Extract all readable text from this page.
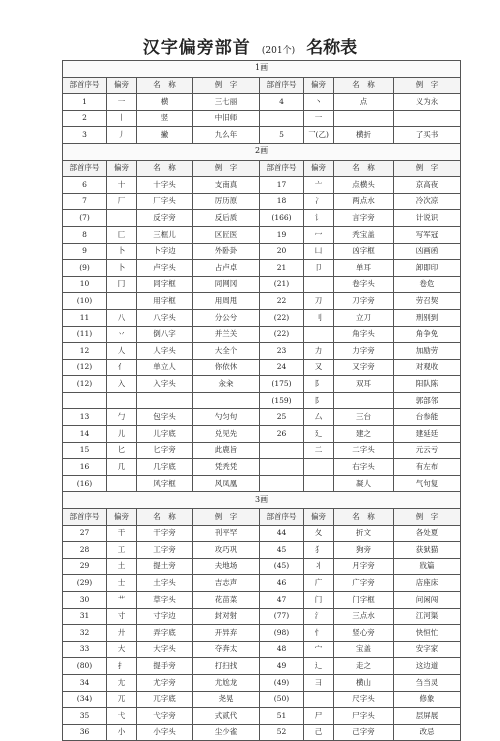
汉字偏旁部首 (201个) 名称表
1画							
部首序号	偏旁	名　称	例　字	部首序号	偏旁	名　称	例　字
1	一	横	三七丽	4	丶	点	义为永
2	丨	竖	中旧师		一		
3	丿	撇	九么年	5	乛(乙)	横折	了买书
2画							
部首序号	偏旁	名　称	例　字	部首序号	偏旁	名　称	例　字
6	十	十字头	支南真	17	亠	点横头	京高夜
7	厂	厂字头	厉历原	18	冫	两点水	冷次凉
(7)		反字旁	反后质	(166)	讠	言字旁	计说识
8	匚	三框儿	区匠医	19	冖	秃宝盖	写军冠
9	卜	卜字边	外卧卦	20	凵	凶字框	凶画函
(9)	卜	卢字头	占卢卓	21	卩	单耳	卸即印
10	冂	同字框	同网冈	(21)		卷字头	卷危
(10)		用字框	用周甩	22	刀	刀字旁	劳召契
11	八	八字头	分公兮	(22)	刂	立刀	刑别到
(11)	丷	倒八字	并兰关	(22)		角字头	角争免
12	人	人字头	大全个	23	力	力字旁	加励劳
(12)	亻	单立人	你依休	24	又	又字旁	对观收
(12)	入	入字头	汆籴	(175)	阝	双耳	阳队陈
				(159)	阝		郭部邻
13	勹	包字头	勺匀句	25	厶	三台	台参能
14	儿	儿字底	兑见先	26	廴	建之	建延廷
15	匕	匕字旁	此鹿旨		二	二字头	元云亏
16	几	几字底	凭秃凭			右字头	有左布
(16)		风字框	风凤凰			凝人	气句复
3画							
部首序号	偏旁	名　称	例　字	部首序号	偏旁	名　称	例　字
27	干	干字旁	刊平罕	44	夂	折文	各处夏
28	工	工字旁	攻巧巩	45	犭	狗旁	获狱猫
29	土	提土旁	夫地场	(45)	丬	月字旁	戕篇
(29)	士	土字头	吉志声	46	广	广字旁	店座床
30	艹	草字头	花苗菜	47	门	门字框	问闲闯
31	寸	寸字边	封对射	(77)	氵	三点水	江河渠
32	廾	弄字底	开异弃	(98)	忄	竖心旁	快恒忙
33	大	大字头	夺奔太	48	宀	宝盖	安字家
(80)	扌	提手旁	打扫找	49	辶	走之	这边道
34	尢	尤字旁	尤尬龙	(49)	彐	横山	刍当灵
(34)	兀	兀字底	尧晃	(50)		尺字头	修象
35	弋	弋字旁	式贰代	51	尸	尸字头	层屏展
36	小	小字头	尘少雀	52	己	己字旁	改忌
